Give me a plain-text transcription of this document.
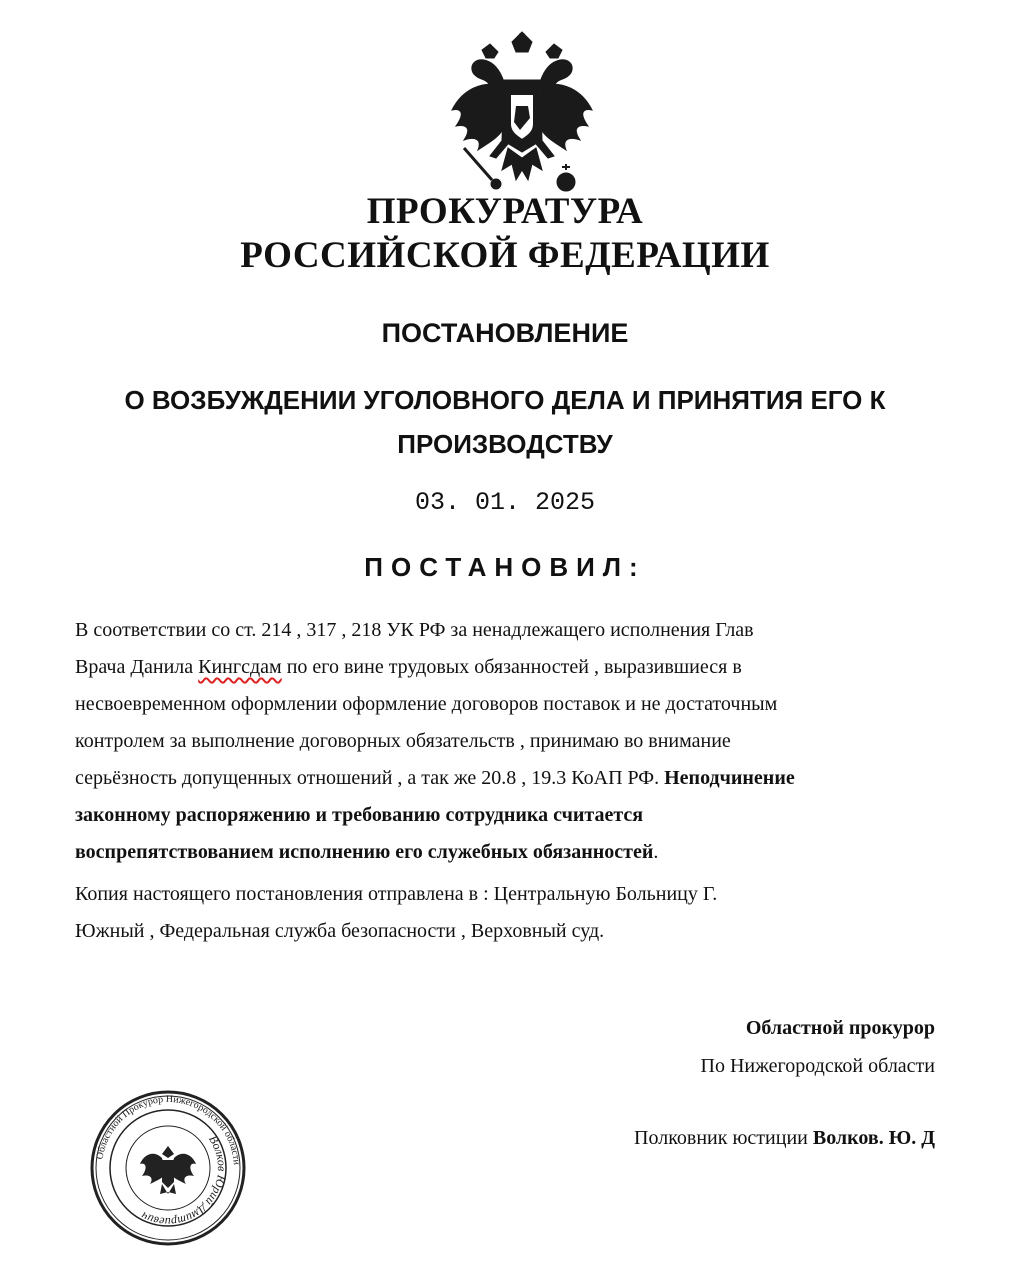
ПРОКУРАТУРА
РОССИЙСКОЙ ФЕДЕРАЦИИ
ПОСТАНОВЛЕНИЕ
О ВОЗБУЖДЕНИИ УГОЛОВНОГО ДЕЛА И ПРИНЯТИЯ ЕГО К
ПРОИЗВОДСТВУ
03. 01. 2025
ПОСТАНОВИЛ:
В соответствии со ст. 214 , 317 , 218 УК РФ за ненадлежащего исполнения Глав
Врача Данила Кингсдам по его вине трудовых обязанностей , выразившиеся в
несвоевременном оформлении оформление договоров поставок и не достаточным
контролем за выполнение договорных обязательств , принимаю во внимание
серьёзность допущенных отношений , а так же 20.8 , 19.3 КоАП РФ. Неподчинение
законному распоряжению и требованию сотрудника считается
воспрепятствованием исполнению его служебных обязанностей.
Копия настоящего постановления отправлена в : Центральную Больницу Г.
Южный , Федеральная служба безопасности , Верховный суд.
Областной прокурор
По Нижегородской области
Полковник юстиции Волков. Ю. Д
Областной Прокурор Нижегородской области
Волков Юрий Дмитриевич
